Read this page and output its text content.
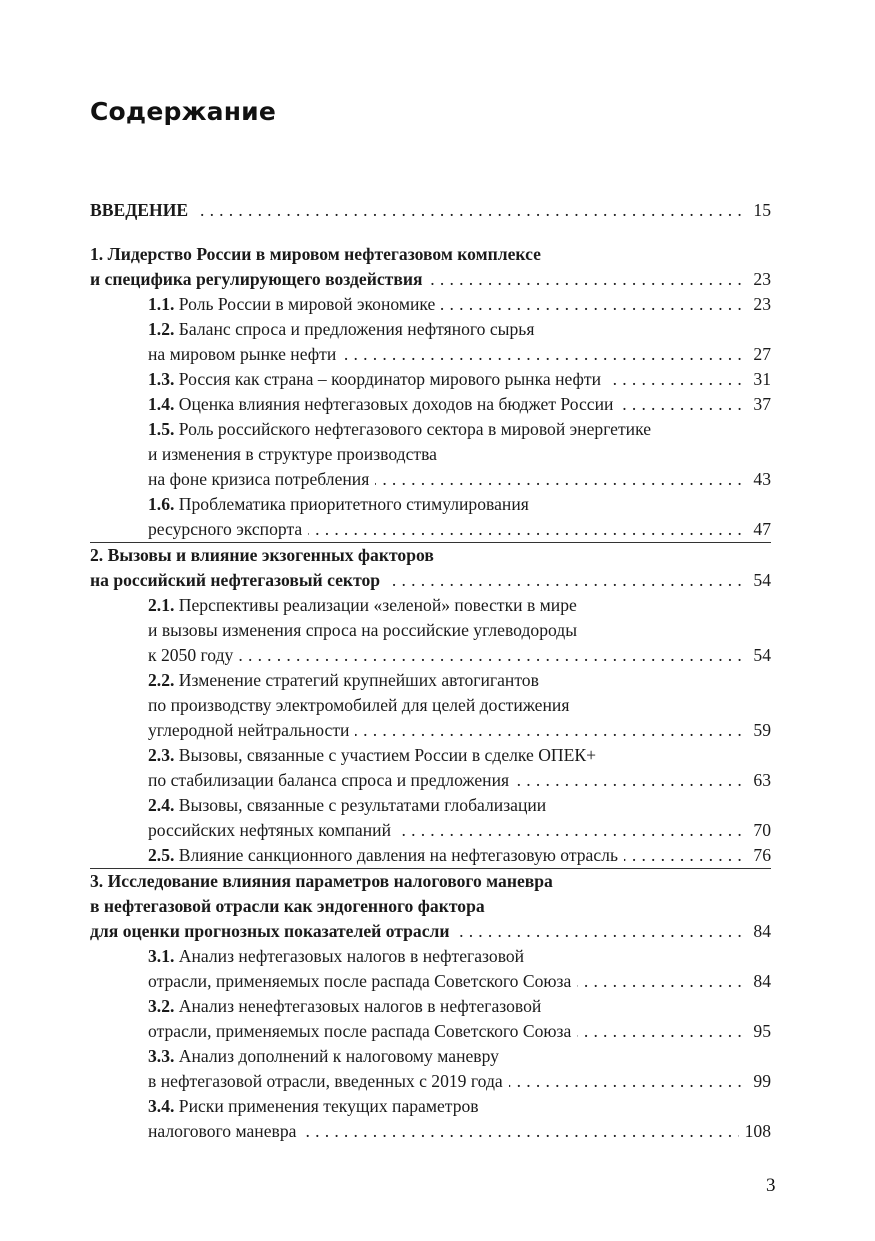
Содержание
. . . ВВЕДЕНИЕ	15
1. Лидерство России в мировом нефтегазовом комплексе
. . . и специфика регулирующего воздействия	23
. . . 1.1. Роль России в мировой экономике	23
1.2. Баланс спроса и предложения нефтяного сырья
. . . на мировом рынке нефти	27
. . . 1.3. Россия как страна – координатор мирового рынка нефти	31
. . . 1.4. Оценка влияния нефтегазовых доходов на бюджет России	37
1.5. Роль российского нефтегазового сектора в мировой энергетике
и изменения в структуре производства
. . . на фоне кризиса потребления	43
1.6. Проблематика приоритетного стимулирования
. . . ресурсного экспорта	47
2. Вызовы и влияние экзогенных факторов
. . . на российский нефтегазовый сектор	54
2.1. Перспективы реализации «зеленой» повестки в мире
и вызовы изменения спроса на российские углеводороды
. . . к 2050 году	54
2.2. Изменение стратегий крупнейших автогигантов
по производству электромобилей для целей достижения
. . . углеродной нейтральности	59
2.3. Вызовы, связанные с участием России в сделке ОПЕК+
. . . по стабилизации баланса спроса и предложения	63
2.4. Вызовы, связанные с результатами глобализации
. . . российских нефтяных компаний	70
. . . 2.5. Влияние санкционного давления на нефтегазовую отрасль	76
3. Исследование влияния параметров налогового маневра
в нефтегазовой отрасли как эндогенного фактора
. . . для оценки прогнозных показателей отрасли	84
3.1. Анализ нефтегазовых налогов в нефтегазовой
. . . отрасли, применяемых после распада Советского Союза	84
3.2. Анализ ненефтегазовых налогов в нефтегазовой
. . . отрасли, применяемых после распада Советского Союза	95
3.3. Анализ дополнений к налоговому маневру
. . . в нефтегазовой отрасли, введенных с 2019 года	99
3.4. Риски применения текущих параметров
. . . налогового маневра	108
3
